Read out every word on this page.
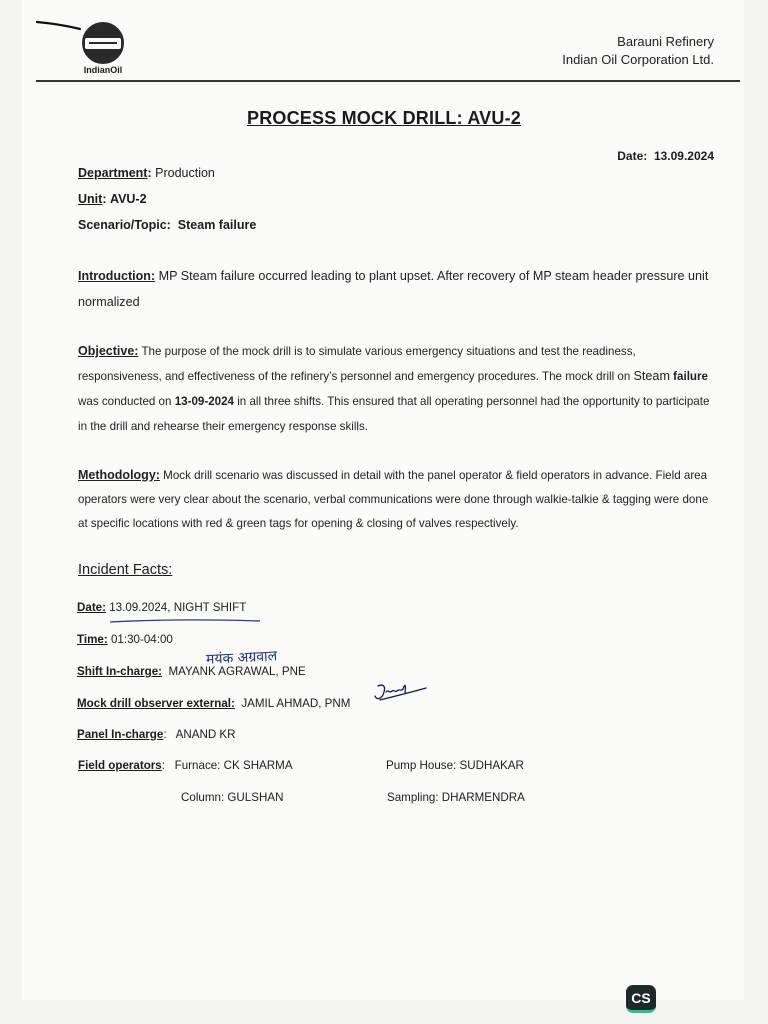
IndianOil
Barauni Refinery
Indian Oil Corporation Ltd.
PROCESS MOCK DRILL: AVU-2
Date: 13.09.2024
Department: Production
Unit: AVU-2
Scenario/Topic: Steam failure
Introduction: MP Steam failure occurred leading to plant upset. After recovery of MP steam header pressure unit normalized
Objective: The purpose of the mock drill is to simulate various emergency situations and test the readiness, responsiveness, and effectiveness of the refinery’s personnel and emergency procedures. The mock drill on Steam failure was conducted on 13-09-2024 in all three shifts. This ensured that all operating personnel had the opportunity to participate in the drill and rehearse their emergency response skills.
Methodology: Mock drill scenario was discussed in detail with the panel operator & field operators in advance. Field area operators were very clear about the scenario, verbal communications were done through walkie-talkie & tagging were done at specific locations with red & green tags for opening & closing of valves respectively.
Incident Facts:
Date: 13.09.2024, NIGHT SHIFT
Time: 01:30-04:00
मयंक अग्रवाल
Shift In-charge: MAYANK AGRAWAL, PNE
Mock drill observer external: JAMIL AHMAD, PNM
Panel In-charge: ANAND KR
Field operators: Furnace: CK SHARMA	Pump House: SUDHAKAR
Column: GULSHAN	Sampling: DHARMENDRA
CS
